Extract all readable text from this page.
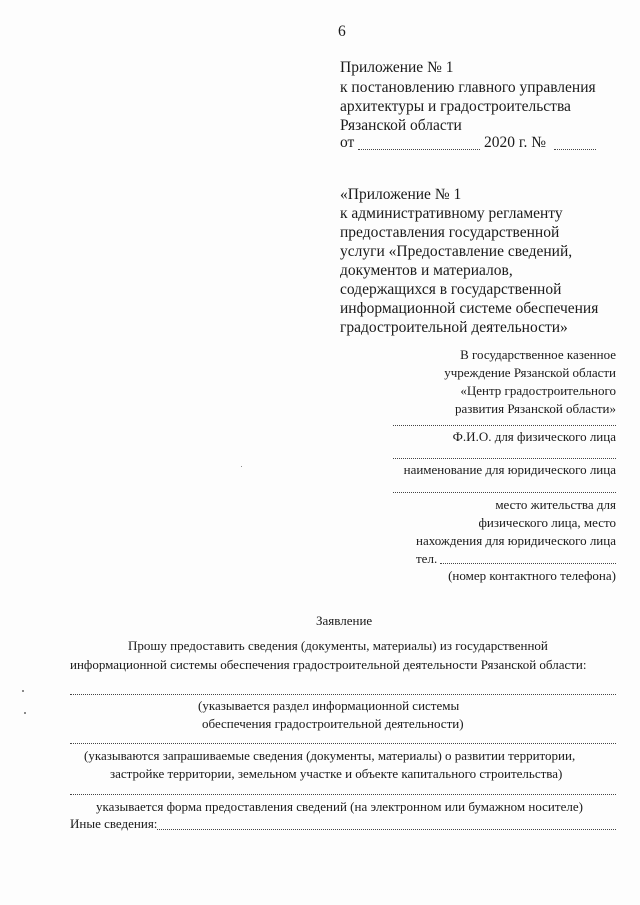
6
Приложение № 1
к постановлению главного управления
архитектуры и градостроительства
Рязанской области
от	2020 г. №
«Приложение № 1
к административному регламенту
предоставления государственной
услуги «Предоставление сведений,
документов и материалов,
содержащихся в государственной
информационной системе обеспечения
градостроительной деятельности»
В государственное казенное
учреждение Рязанской области
«Центр градостроительного
развития Рязанской области»
Ф.И.О. для физического лица
наименование для юридического лица
место жительства для
физического лица, место
нахождения для юридического лица
тел.
(номер контактного телефона)
Заявление
Прошу предоставить сведения (документы, материалы) из государственной
информационной системы обеспечения градостроительной деятельности Рязанской области:
(указывается раздел информационной системы
обеспечения градостроительной деятельности)
(указываются запрашиваемые сведения (документы, материалы) о развитии территории,
застройке территории, земельном участке и объекте капитального строительства)
указывается форма предоставления сведений (на электронном или бумажном носителе)
Иные сведения:
